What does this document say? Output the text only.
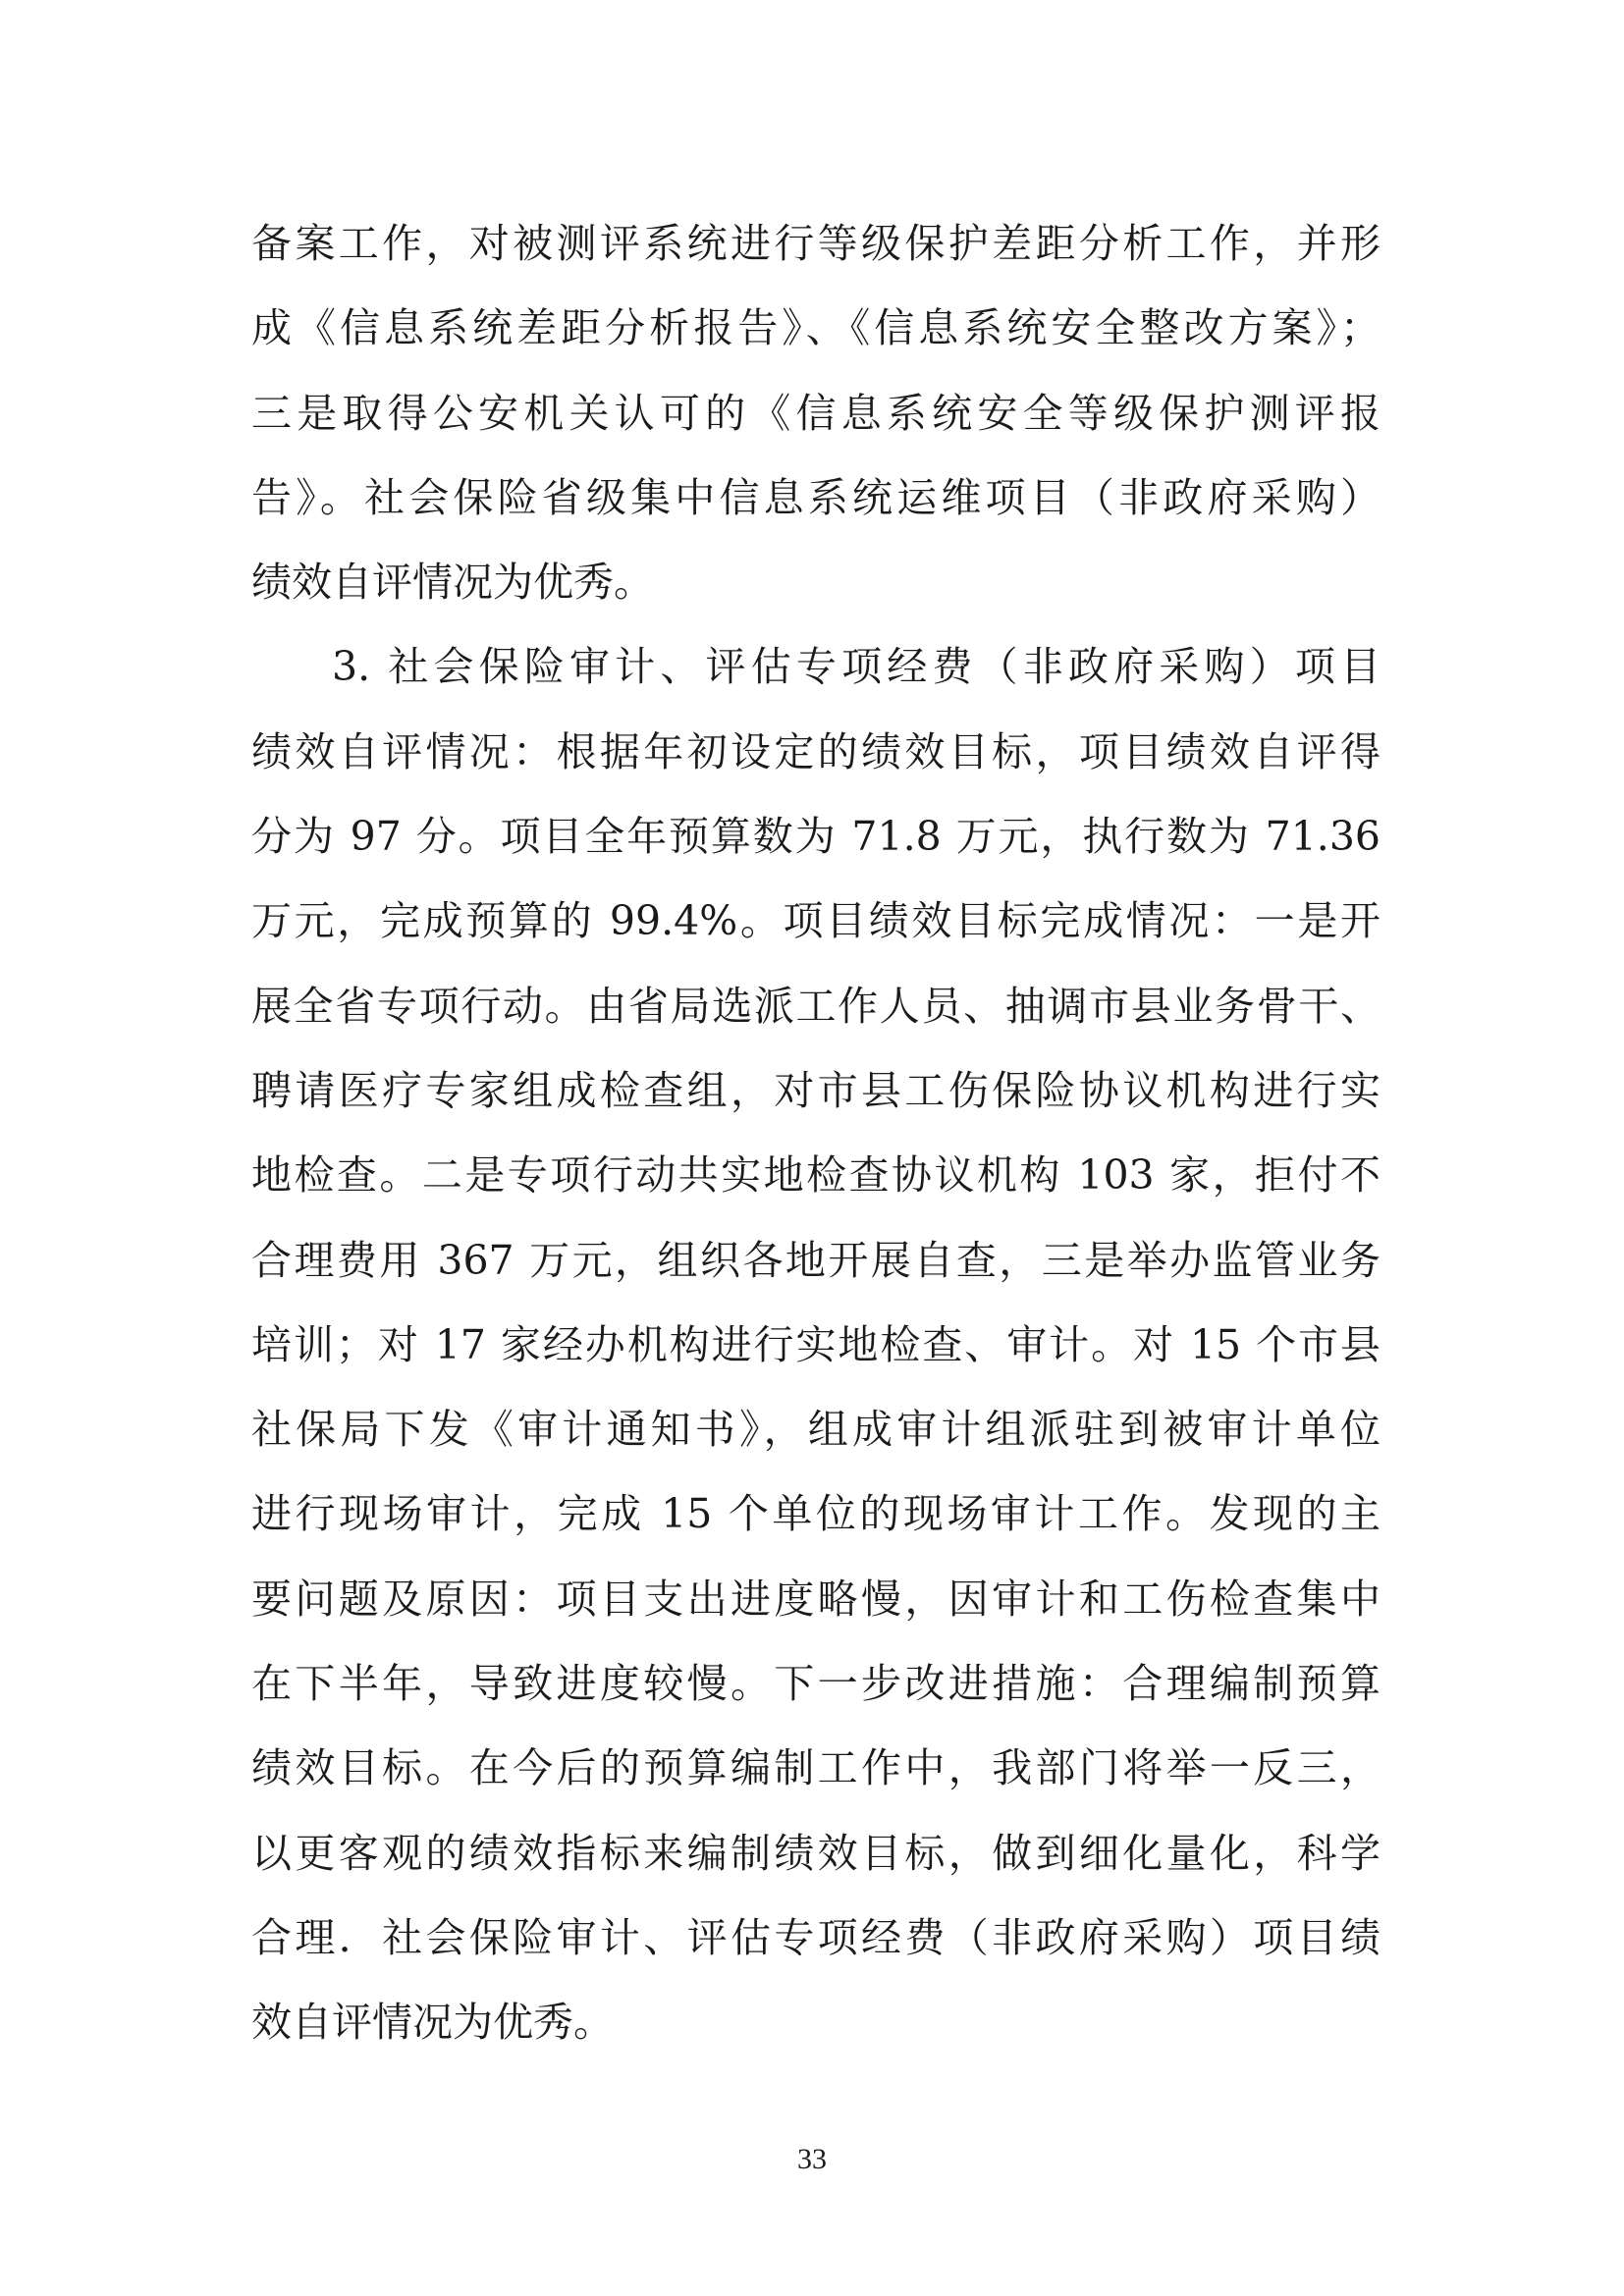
备案工作，对被测评系统进行等级保护差距分析工作，并形
成《信息系统差距分析报告》、《信息系统安全整改方案》；
三是取得公安机关认可的《信息系统安全等级保护测评报
告》。社会保险省级集中信息系统运维项目（非政府采购）
绩效自评情况为优秀。
3. 社会保险审计、评估专项经费（非政府采购）项目
绩效自评情况：根据年初设定的绩效目标，项目绩效自评得
分为 97 分。项目全年预算数为 71.8 万元，执行数为 71.36
万元，完成预算的 99.4%。项目绩效目标完成情况：一是开
展全省专项行动。由省局选派工作人员、抽调市县业务骨干、
聘请医疗专家组成检查组，对市县工伤保险协议机构进行实
地检查。二是专项行动共实地检查协议机构 103 家，拒付不
合理费用 367 万元，组织各地开展自查，三是举办监管业务
培训；对 17 家经办机构进行实地检查、审计。对 15 个市县
社保局下发《审计通知书》，组成审计组派驻到被审计单位
进行现场审计，完成 15 个单位的现场审计工作。发现的主
要问题及原因：项目支出进度略慢，因审计和工伤检查集中
在下半年，导致进度较慢。下一步改进措施：合理编制预算
绩效目标。在今后的预算编制工作中，我部门将举一反三，
以更客观的绩效指标来编制绩效目标，做到细化量化，科学
合理．社会保险审计、评估专项经费（非政府采购）项目绩
效自评情况为优秀。
33
